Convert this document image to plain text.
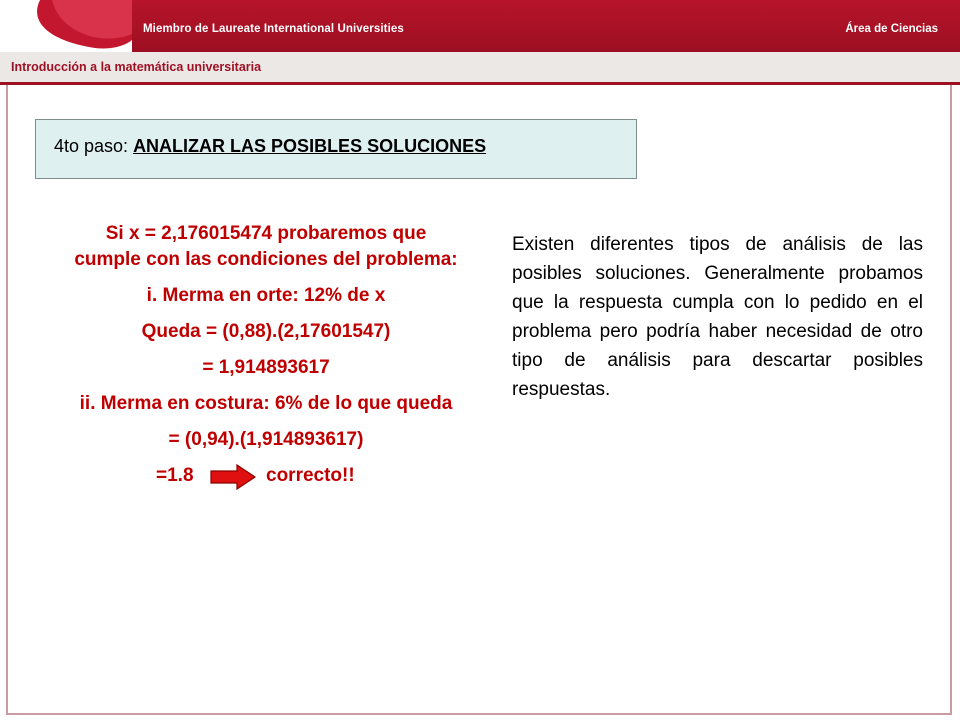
Miembro de Laureate International Universities	Área de Ciencias
Introducción a la matemática universitaria
4to paso: ANALIZAR LAS POSIBLES SOLUCIONES

Si x = 2,176015474 probaremos que cumple con las condiciones del problema:

i. Merma en orte: 12% de x

Queda = (0,88).(2,17601547)

= 1,914893617

ii. Merma en costura: 6% de lo que queda

= (0,94).(1,914893617)

=1.8	correcto!!
Existen diferentes tipos de análisis de las posibles soluciones. Generalmente probamos que la respuesta cumpla con lo pedido en el problema pero podría haber necesidad de otro tipo de análisis para descartar posibles respuestas.
